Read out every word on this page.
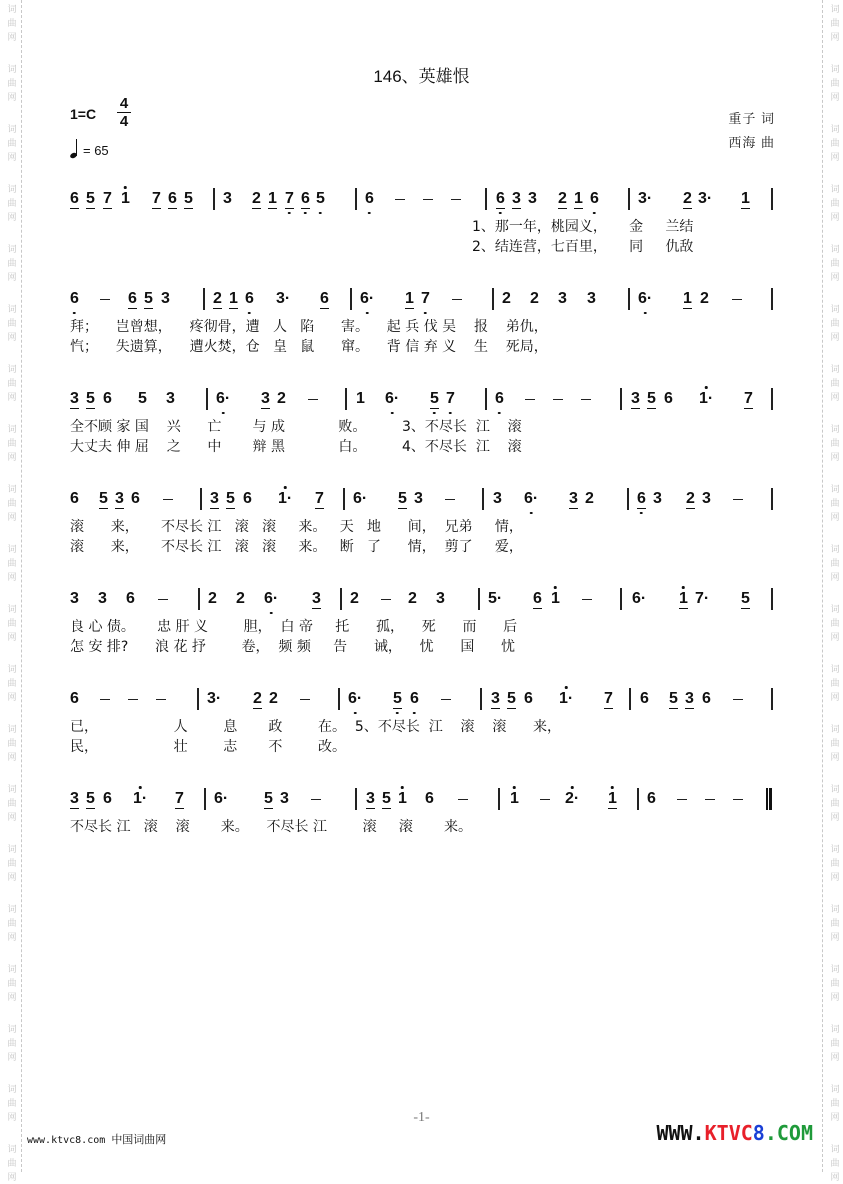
词
曲
网
词
曲
网
词
曲
网
词
曲
网
词
曲
网
词
曲
网
词
曲
网
词
曲
网
词
曲
网
词
曲
网
词
曲
网
词
曲
网
词
曲
网
词
曲
网
词
曲
网
词
曲
网
词
曲
网
词
曲
网
词
曲
网
词
曲
网
词
曲
网
词
曲
网
词
曲
网
词
曲
网
词
曲
网
词
曲
网
词
曲
网
词
曲
网
词
曲
网
词
曲
网
词
曲
网
词
曲
网
词
曲
网
词
曲
网
词
曲
网
词
曲
网
词
曲
网
词
曲
网
词
曲
网
词
曲
网
146、英雄恨
1=C
4
4
= 65
重子 词
西海 曲
6 5 7 1 7 6 5 3 2 1 7 6 5	6	6 3 3 2 1 6 3· 2 3· 1
1、那一年，桃园义，     金     兰结
2、结连营，七百里，     同     仇敌
6	6 5 3	2 1 6 3· 6 6· 1 7	2 2 3 3	6· 1 2
拜；    岂曾想，    疼彻骨，遭   人   陷      害。    起 兵 伐 吴    报    弟仇，
忾；    失遗算，    遭火焚，仓   皇   鼠      窜。    背 信 弃 义    生    死局，
3 5 6 5 3	6· 3 2	1 6· 5 7	6	3 5 6 1· 7
全不顾 家 国    兴      亡       与 成            败。        3、不尽长  江    滚
大丈夫 伸 屈    之      中       辩 黑            白。        4、不尽长  江    滚
6 5 3 6	3 5 6 1· 7 6· 5 3	3 6· 3 2	6 3 2 3
滚      来，     不尽长 江   滚   滚     来。   天   地      间，  兄弟     情，
滚      来，     不尽长 江   滚   滚     来。   断   了      情，  剪了     爱，
3 3 6	2 2 6· 3 2	2 3	5· 6 1	6· 1 7· 5
良 心 债。     忠 肝 义        胆，  白 帝     托      孤，    死      而      后
怎 安 排?      浪 花 抒        卷，  频 频     告      诫，    忧      国      忧
6	3· 2 2	6· 5 6	3 5 6 1· 7 6 5 3 6
已，                 人        息       政        在。  5、不尽长  江    滚    滚      来，
民，                 壮        志       不        改。
3 5 6 1· 7 6· 5 3	3 5 1 6	1	2· 1 6
不尽长 江   滚    滚       来。    不尽长 江        滚     滚       来。
-1-
www.ktvc8.com 中国词曲网	WWW.KTVC8.COM
